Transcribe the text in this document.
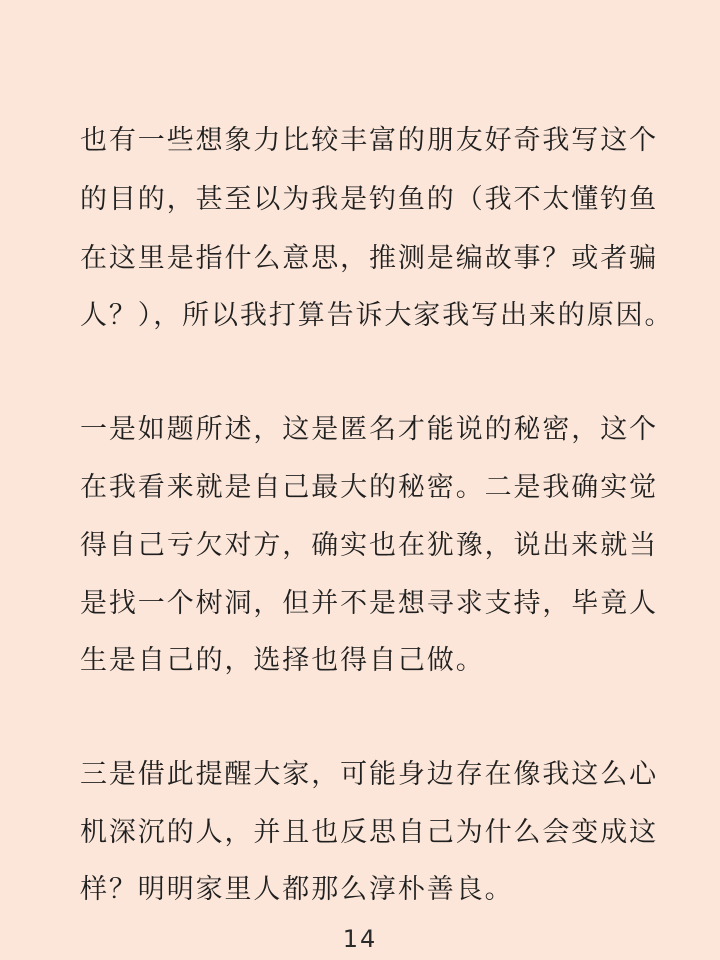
也有一些想象力比较丰富的朋友好奇我写这个
的目的，甚至以为我是钓鱼的（我不太懂钓鱼
在这里是指什么意思，推测是编故事？或者骗
人？），所以我打算告诉大家我写出来的原因。
一是如题所述，这是匿名才能说的秘密，这个
在我看来就是自己最大的秘密。二是我确实觉
得自己亏欠对方，确实也在犹豫，说出来就当
是找一个树洞，但并不是想寻求支持，毕竟人
生是自己的，选择也得自己做。
三是借此提醒大家，可能身边存在像我这么心
机深沉的人，并且也反思自己为什么会变成这
样？明明家里人都那么淳朴善良。
14
